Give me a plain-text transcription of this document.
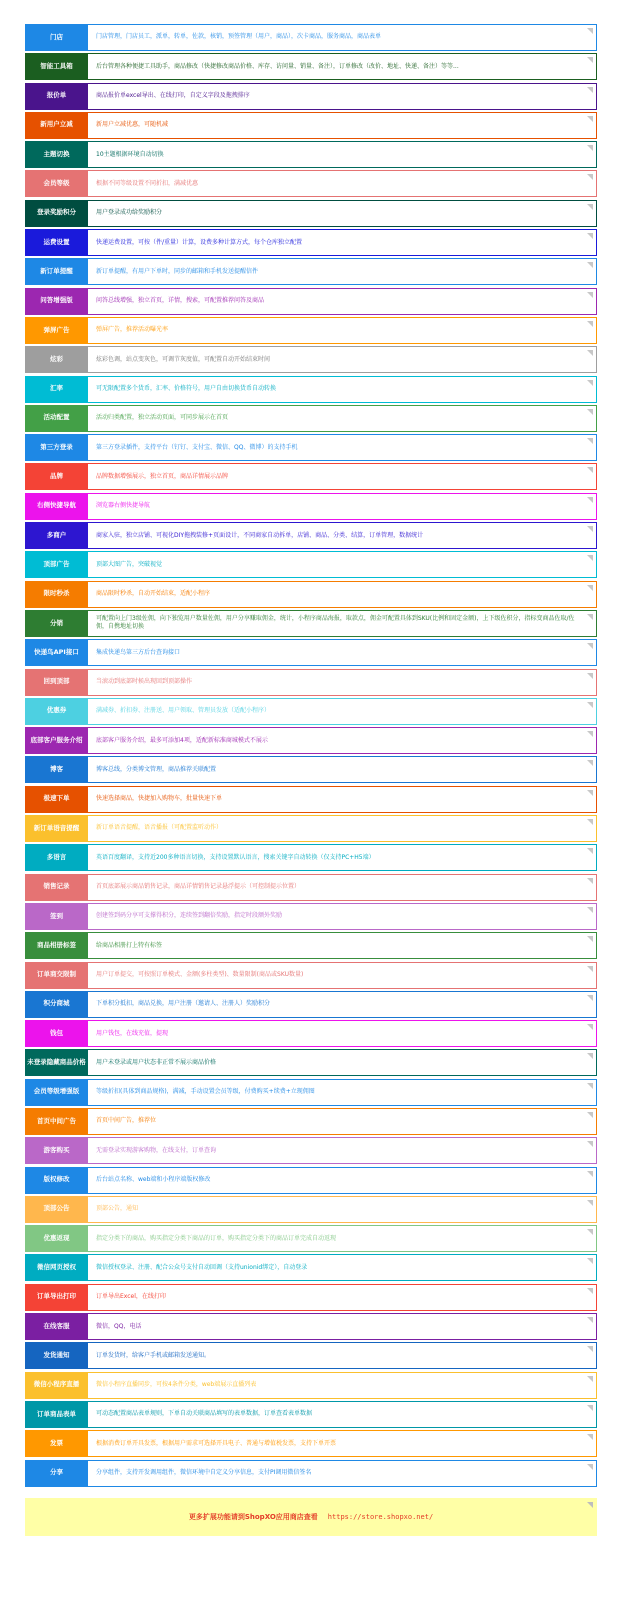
门店	门店管理，门店员工，派单，转单，佐款，核销，预签管理（用户，商品），次卡商品，服务商品，商品表单
智能工具箱	后台管理各种便捷工具助手，商品修改（快捷修改商品价格、库存、访问量、销量、备注），订单修改（改价、地址、快递、备注）等等...
报价单	商品报价单excel导出、在线打印，自定义字段及拖拽排序
新用户立减	新用户立减优惠，可随机减
主题切换	10主题根据环境自动切换
会员等级	根据不同等级设置不同折扣，满减优惠
登录奖励积分	用户登录成功给奖励积分
运费设置	快递运费设置，可按（件/重量）计算，设费多种计算方式，每个仓库独立配置
新订单提醒	新订单提醒，有用户下单时，同步的邮箱和手机发送提醒信件
问答增强版	问答总线增强，独立首页，详情，搜索，可配置推荐问答及商品
弹屏广告	弹屏广告，推荐活动曝光率
炫彩	炫彩色调，站点变灰色，可调节灰度值，可配置自动开始结束时间
汇率	可无限配置多个货币，汇率、价格符号，用户自由切换货币自动转换
活动配置	活动归类配置，独立活动页面，可同步展示在首页
第三方登录	第三方登录插件，支持平台（钉钉、支付宝、微信、QQ、微博）的支持手机
品牌	品牌数据增强展示，独立首页，商品详情展示品牌
右侧快捷导航	浏览器右侧快捷导航
多商户	商家入驻，独立店铺、可视化DIY拖拽装修+页面设计，不同商家自动拆单，店铺、商品、分类、结算，订单管理，数据统计
顶部广告	顶部大图广告，突破视觉
限时秒杀	商品限时秒杀，自动开始结束，适配小程序
分销	可配置向上门3级佐佣，向下独览用户数量佐佣，用户分享赚取佣金，统计，小程序商品海报，取款点，佣金可配置具体到SKU(比例和固定金额)，上下级佐积分，指标变商品佐取/佐佣，自携地址切换
快递鸟API接口	集成快递鸟第三方后台查询接口
回到顶部	当滚动到底部时候出现回到顶部操作
优惠券	满减券、折扣券、注册送、用户领取、管理员发放（适配小程序）
底部客户服务介绍	底部客户服务介绍，最多可添加4项，适配新标准商城模式不展示
博客	博客总线，分类博文管理，商品推荐关联配置
极速下单	快速选择商品，快捷加入购物车，批量快速下单
新订单语音提醒	新订单语音提醒，语音播报（可配置监听动作）
多语言	英语百度翻译，支持近200多种语言切换，支持设置默认语言，搜索关键字自动转换（仅支持PC+H5端）
销售记录	首页底部展示商品销售记录，商品详情销售记录悬浮提示（可控制提示位置）
签到	创建签到码分享可支撑得积分，连续签到翻倍奖励，指定时段额外奖励
商品相册标签	给商品相册打上特有标签
订单商交限制	用户订单提交，可按照订单模式、金额(多柱类型)、数量限制(商品或SKU数量)
积分商城	下单积分抵扣，商品兑换，用户注册（邀请人、注册人）奖励积分
钱包	用户钱包，在线充值，提现
未登录隐藏商品价格	用户未登录或用户状态非正常不展示商品价格
会员等级增强版	等级折扣(具体到商品规格)，满减，手动设置会员等级，付费购买+续费+立现佣图
首页中间广告	首页中间广告，推荐位
游客购买	无需登录实现游客购物，在线支付，订单查询
版权修改	后台站点名称、web端和小程序端版权修改
顶部公告	顶部公告，通知
优惠返现	指定分类下的商品，购买指定分类下商品的订单，购买指定分类下的商品订单完成自动返现
微信网页授权	微信授权登录、注册、配合公众号支付自动回调（支持unionid绑定），自动登录
订单导出打印	订单导出Excel，在线打印
在线客服	微信，QQ，电话
发货通知	订单发货时，给客户手机或邮箱发送通知。
微信小程序直播	微信小程序直播同步，可按4条件分类，web端展示直播列表
订单商品表单	可动态配置商品表单规则，下单自动关联商品填写的表单数据，订单查看表单数据
发票	根据消费订单开具发票，根据用户需求可选择开具电子、普通与增值税发票，支持下单开票
分享	分享组件，支持开发调用组件，微信环境中自定义分享信息，支付PI调用微信签名
更多扩展功能请到ShopXO应用商店查看 https://store.shopxo.net/
